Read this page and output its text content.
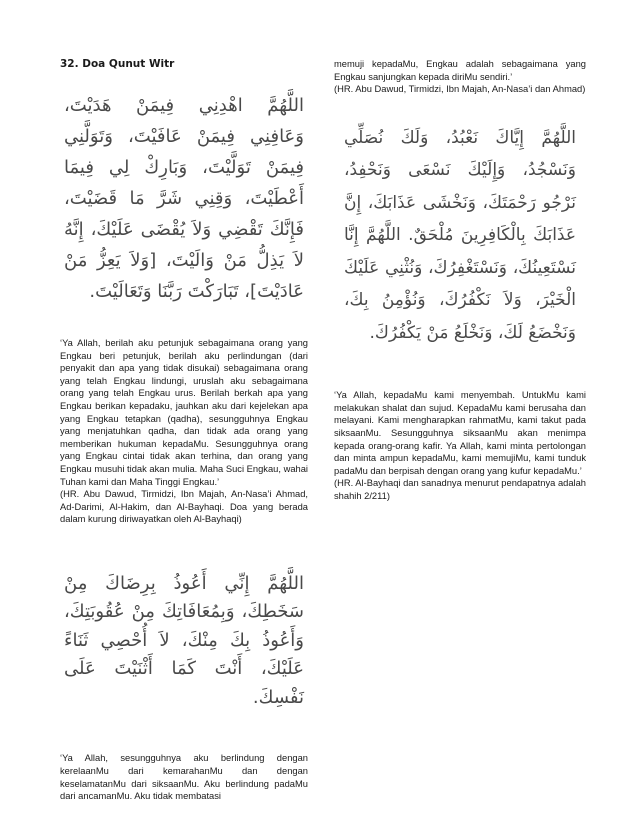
32. Doa Qunut Witr

اللَّهُمَّ اهْدِنِي فِيمَنْ هَدَيْتَ، وَعَافِنِي فِيمَنْ عَافَيْتَ، وَتَوَلَّنِي فِيمَنْ تَوَلَّيْتَ، وَبَارِكْ لِي فِيمَا أَعْطَيْتَ، وَقِنِي شَرَّ مَا قَضَيْتَ، فَإِنَّكَ تَقْضِي وَلاَ يُقْضَى عَلَيْكَ، إِنَّهُ لاَ يَذِلُّ مَنْ وَالَيْتَ، [وَلاَ يَعِزُّ مَنْ عَادَيْتَ]، تَبَارَكْتَ رَبَّنَا وَتَعَالَيْتَ.

‘Ya Allah, berilah aku petunjuk sebagaimana orang yang Engkau beri petunjuk, berilah aku perlindungan (dari penyakit dan apa yang tidak disukai) sebagaimana orang yang telah Engkau lindungi, uruslah aku sebagaimana orang yang telah Engkau urus. Berilah berkah apa yang Engkau berikan kepadaku, jauhkan aku dari kejelekan apa yang Engkau tetapkan (qadha), sesungguhnya Engkau yang menjatuhkan qadha, dan tidak ada orang yang memberikan hukuman kepadaMu. Sesungguhnya orang yang Engkau cintai tidak akan terhina, dan orang yang Engkau musuhi tidak akan mulia. Maha Suci Engkau, wahai Tuhan kami dan Maha Tinggi Engkau.’

(HR. Abu Dawud, Tirmidzi, Ibn Majah, An-Nasa’i Ahmad, Ad-Darimi, Al-Hakim, dan Al-Bayhaqi. Doa yang berada dalam kurung diriwayatkan oleh Al-Bayhaqi)

اللَّهُمَّ إِنِّي أَعُوذُ بِرِضَاكَ مِنْ سَخَطِكَ، وَبِمُعَافَاتِكَ مِنْ عُقُوبَتِكَ، وَأَعُوذُ بِكَ مِنْكَ، لاَ أُحْصِي ثَنَاءً عَلَيْكَ، أَنْتَ كَمَا أَثْنَيْتَ عَلَى نَفْسِكَ.

‘Ya Allah, sesungguhnya aku berlindung dengan kerelaanMu dari kemarahanMu dan dengan keselamatanMu dari siksaanMu. Aku berlindung padaMu dari ancamanMu. Aku tidak membatasi

memuji kepadaMu, Engkau adalah sebagaimana yang Engkau sanjungkan kepada diriMu sendiri.’

(HR. Abu Dawud, Tirmidzi, Ibn Majah, An-Nasa’i dan Ahmad)

اللَّهُمَّ إِيَّاكَ نَعْبُدُ، وَلَكَ نُصَلِّي وَنَسْجُدُ، وَإِلَيْكَ نَسْعَى وَنَحْفِدُ، نَرْجُو رَحْمَتَكَ، وَنَخْشَى عَذَابَكَ، إِنَّ عَذَابَكَ بِالْكَافِرِينَ مُلْحَقٌ. اللَّهُمَّ إِنَّا نَسْتَعِينُكَ، وَنَسْتَغْفِرُكَ، وَنُثْنِي عَلَيْكَ الْخَيْرَ، وَلاَ نَكْفُرُكَ، وَنُؤْمِنُ بِكَ، وَنَخْضَعُ لَكَ، وَنَخْلَعُ مَنْ يَكْفُرُكَ.

‘Ya Allah, kepadaMu kami menyembah. UntukMu kami melakukan shalat dan sujud. KepadaMu kami berusaha dan melayani. Kami mengharapkan rahmatMu, kami takut pada siksaanMu. Sesungguhnya siksaanMu akan menimpa kepada orang-orang kafir. Ya Allah, kami minta pertolongan dan minta ampun kepadaMu, kami memujiMu, kami tunduk padaMu dan berpisah dengan orang yang kufur kepadaMu.’

(HR. Al-Bayhaqi dan sanadnya menurut pendapatnya adalah shahih 2/211)
